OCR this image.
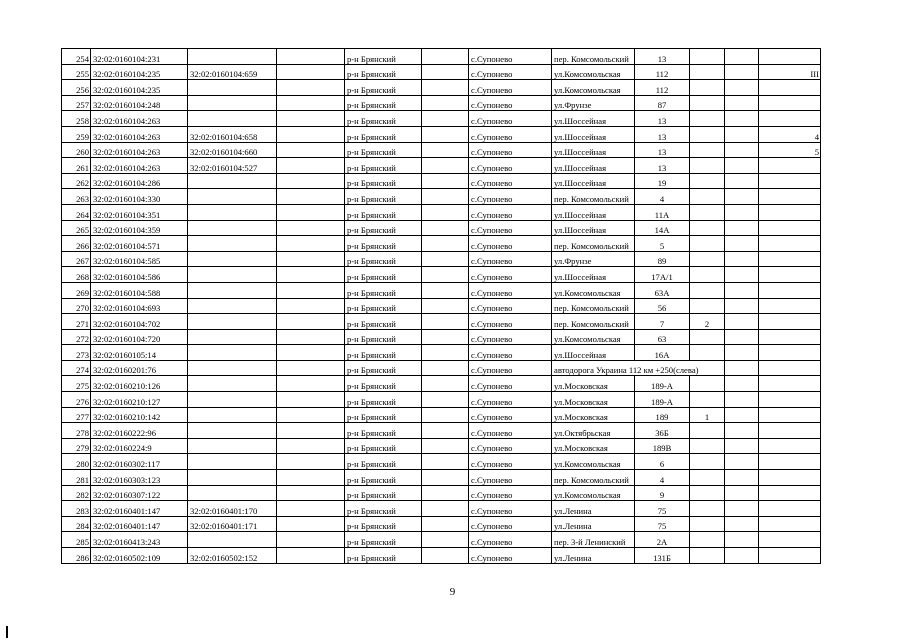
254	32:02:0160104:231			р-н Брянский		с.Супонево	пер. Комсомольский	13			
255	32:02:0160104:235	32:02:0160104:659		р-н Брянский		с.Супонево	ул.Комсомольская	112			III
256	32:02:0160104:235			р-н Брянский		с.Супонево	ул.Комсомольская	112			
257	32:02:0160104:248			р-н Брянский		с.Супонево	ул.Фрунзе	87			
258	32:02:0160104:263			р-н Брянский		с.Супонево	ул.Шоссейная	13			
259	32:02:0160104:263	32:02:0160104:658		р-н Брянский		с.Супонево	ул.Шоссейная	13			4
260	32:02:0160104:263	32:02:0160104:660		р-н Брянский		с.Супонево	ул.Шоссейная	13			5
261	32:02:0160104:263	32:02:0160104:527		р-н Брянский		с.Супонево	ул.Шоссейная	13			
262	32:02:0160104:286			р-н Брянский		с.Супонево	ул.Шоссейная	19			
263	32:02:0160104:330			р-н Брянский		с.Супонево	пер. Комсомольский	4			
264	32:02:0160104:351			р-н Брянский		с.Супонево	ул.Шоссейная	11А			
265	32:02:0160104:359			р-н Брянский		с.Супонево	ул.Шоссейная	14А			
266	32:02:0160104:571			р-н Брянский		с.Супонево	пер. Комсомольский	5			
267	32:02:0160104:585			р-н Брянский		с.Супонево	ул.Фрунзе	89			
268	32:02:0160104:586			р-н Брянский		с.Супонево	ул.Шоссейная	17А/1			
269	32:02:0160104:588			р-н Брянский		с.Супонево	ул.Комсомольская	63А			
270	32:02:0160104:693			р-н Брянский		с.Супонево	пер. Комсомольский	56			
271	32:02:0160104:702			р-н Брянский		с.Супонево	пер. Комсомольский	7	2		
272	32:02:0160104:720			р-н Брянский		с.Супонево	ул.Комсомольская	63			
273	32:02:0160105:14			р-н Брянский		с.Супонево	ул.Шоссейная	16А			
274	32:02:0160201:76			р-н Брянский		с.Супонево	автодорога Украина 112 км +250(слева)				
275	32:02:0160210:126			р-н Брянский		с.Супонево	ул.Московская	189-А			
276	32:02:0160210:127			р-н Брянский		с.Супонево	ул.Московская	189-А			
277	32:02:0160210:142			р-н Брянский		с.Супонево	ул.Московская	189	1		
278	32:02:0160222:96			р-н Брянский		с.Супонево	ул.Октябрьская	36Б			
279	32:02:0160224:9			р-н Брянский		с.Супонево	ул.Московская	189В			
280	32:02:0160302:117			р-н Брянский		с.Супонево	ул.Комсомольская	6			
281	32:02:0160303:123			р-н Брянский		с.Супонево	пер. Комсомольский	4			
282	32:02:0160307:122			р-н Брянский		с.Супонево	ул.Комсомольская	9			
283	32:02:0160401:147	32:02:0160401:170		р-н Брянский		с.Супонево	ул.Ленина	75			
284	32:02:0160401:147	32:02:0160401:171		р-н Брянский		с.Супонево	ул.Ленина	75			
285	32:02:0160413:243			р-н Брянский		с.Супонево	пер. 3-й Ленинский	2А			
286	32:02:0160502:109	32:02:0160502:152		р-н Брянский		с.Супонево	ул.Ленина	131Б			
9
